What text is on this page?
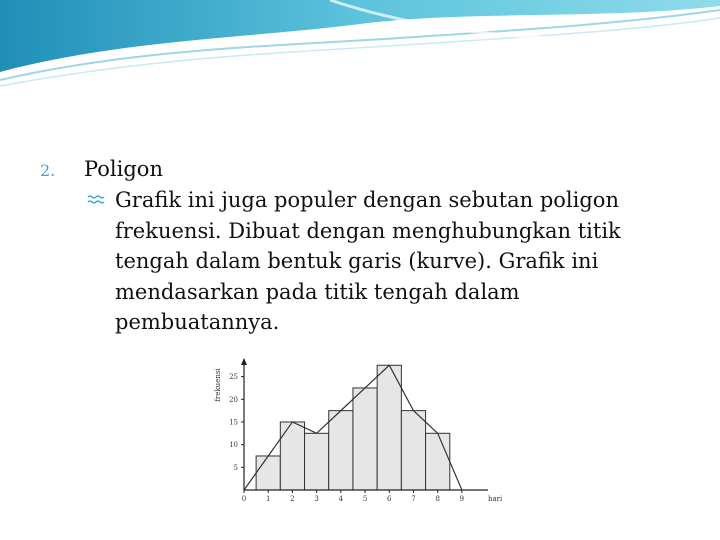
2.	Poligon
Grafik ini juga populer dengan sebutan poligon frekuensi. Dibuat dengan menghubungkan titik tengah dalam bentuk garis (kurve). Grafik ini mendasarkan pada titik tengah dalam pembuatannya.
0	1	2	3	4	5	6	7	8	9
5
10
15
20
25
hari
frekuensi
